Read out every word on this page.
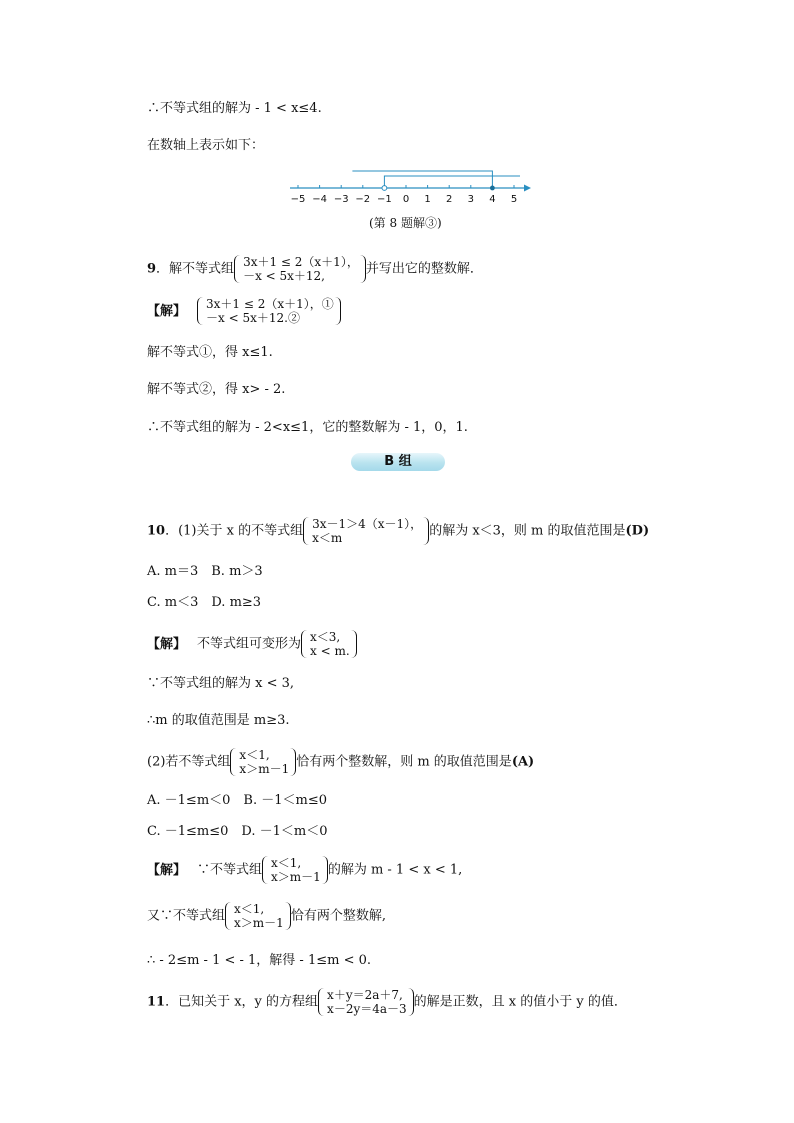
∴不等式组的解为 - 1 < x≤4.
在数轴上表示如下：
−5 −4 −3 −2 −1 0 1 2 3 4 5
(第 8 题解③)
9．解不等式组 3x＋1 ≤ 2（x＋1），
－x < 5x＋12,	并写出它的整数解．
【解】 3x＋1 ≤ 2（x＋1），①
－x < 5x＋12.②
解不等式①，得 x≤1.
解不等式②，得 x> - 2.
∴不等式组的解为 - 2<x≤1，它的整数解为 - 1，0，1.
B 组
10．(1)关于 x 的不等式组 3x－1＞4（x－1），
x＜m	的解为 x＜3，则 m 的取值范围是(D)
A. m＝3　B. m＞3
C. m＜3　D. m≥3
【解】 不等式组可变形为 x＜3,
x < m.
∵不等式组的解为 x < 3,
∴m 的取值范围是 m≥3.
(2)若不等式组 x＜1,
x＞m－1 恰有两个整数解，则 m 的取值范围是(A)
A. －1≤m＜0　B. －1＜m≤0
C. －1≤m≤0　D. －1＜m＜0
【解】 ∵不等式组 x＜1,
x＞m－1 的解为 m - 1 < x < 1,
又∵不等式组 x＜1,
x＞m－1 恰有两个整数解,
∴ - 2≤m - 1 < - 1，解得 - 1≤m < 0.
11．已知关于 x，y 的方程组 x＋y＝2a＋7,
x－2y＝4a－3 的解是正数，且 x 的值小于 y 的值．
